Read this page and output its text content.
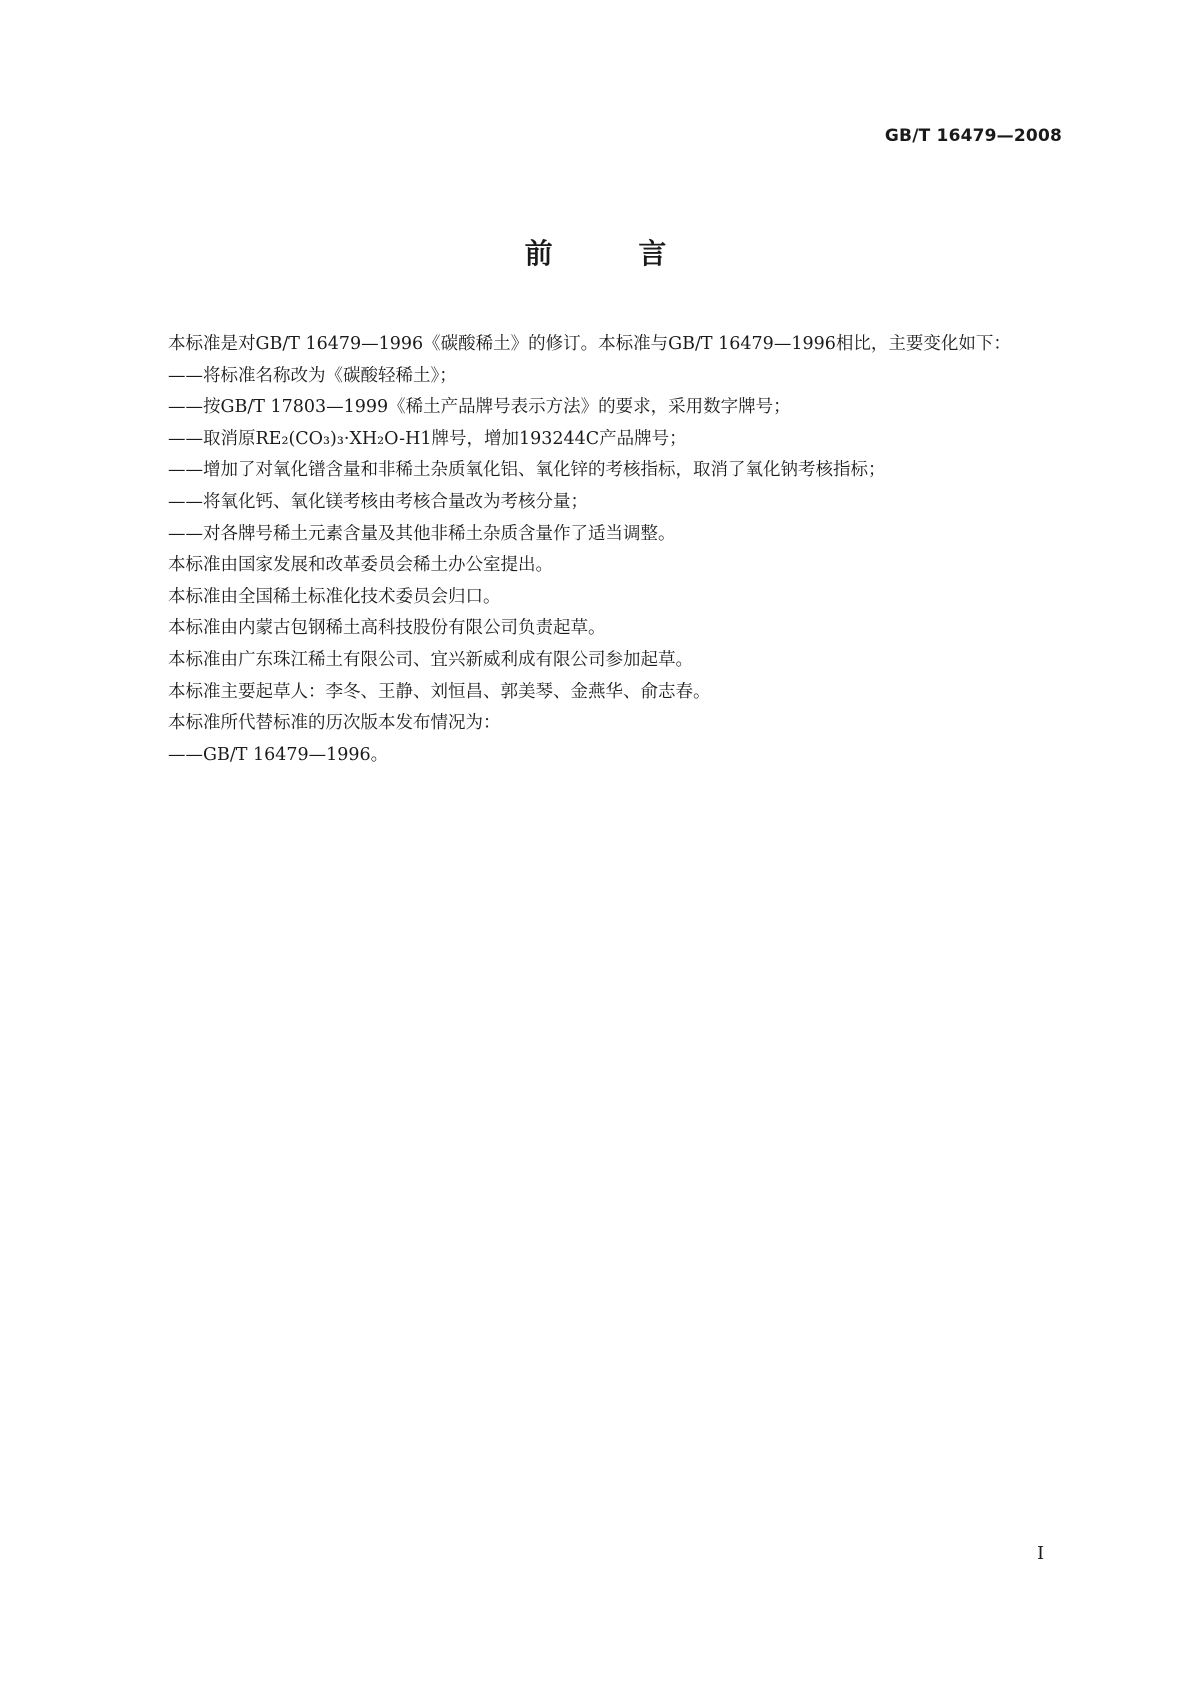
GB/T 16479—2008
前 言

本标准是对GB/T 16479—1996《碳酸稀土》的修订。本标准与GB/T 16479—1996相比，主要变化如下：

——将标准名称改为《碳酸轻稀土》；

——按GB/T 17803—1999《稀土产品牌号表示方法》的要求，采用数字牌号；

——取消原RE₂(CO₃)₃·XH₂O-H1牌号，增加193244C产品牌号；

——增加了对氧化镨含量和非稀土杂质氧化铝、氧化锌的考核指标，取消了氧化钠考核指标；

——将氧化钙、氧化镁考核由考核合量改为考核分量；

——对各牌号稀土元素含量及其他非稀土杂质含量作了适当调整。

本标准由国家发展和改革委员会稀土办公室提出。

本标准由全国稀土标准化技术委员会归口。

本标准由内蒙古包钢稀土高科技股份有限公司负责起草。

本标准由广东珠江稀土有限公司、宜兴新威利成有限公司参加起草。

本标准主要起草人：李冬、王静、刘恒昌、郭美琴、金燕华、俞志春。

本标准所代替标准的历次版本发布情况为：

——GB/T 16479—1996。

I
